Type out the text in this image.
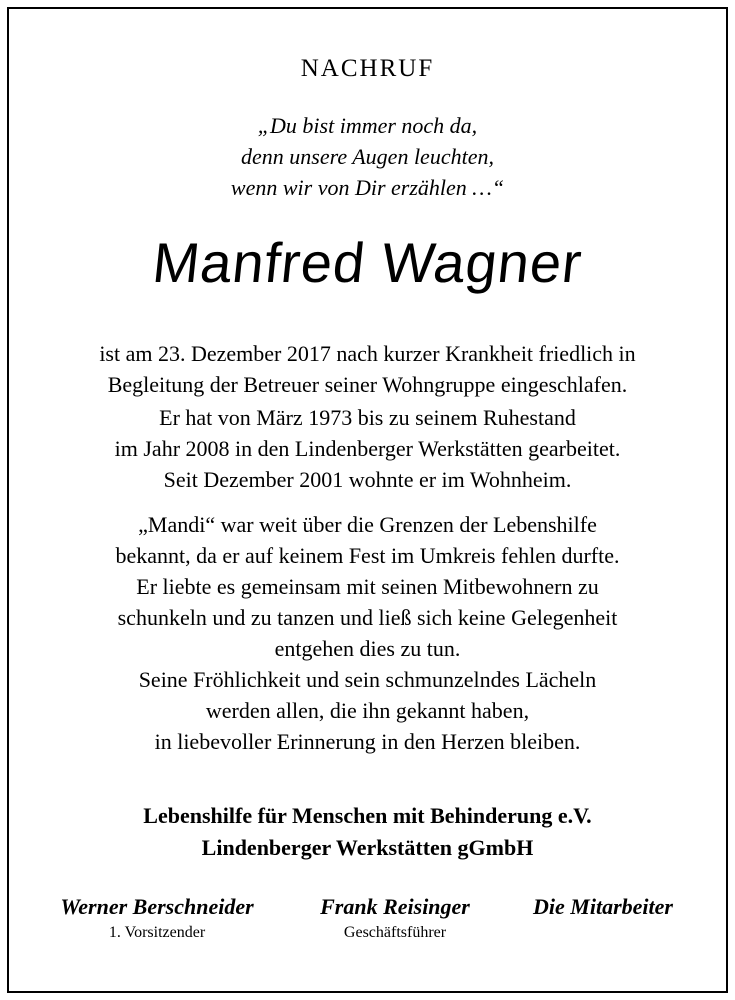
NACHRUF
„Du bist immer noch da,
denn unsere Augen leuchten,
wenn wir von Dir erzählen …“
Manfred Wagner
ist am 23. Dezember 2017 nach kurzer Krankheit friedlich in
Begleitung der Betreuer seiner Wohngruppe eingeschlafen.
Er hat von März 1973 bis zu seinem Ruhestand
im Jahr 2008 in den Lindenberger Werkstätten gearbeitet.
Seit Dezember 2001 wohnte er im Wohnheim.
„Mandi“ war weit über die Grenzen der Lebenshilfe
bekannt, da er auf keinem Fest im Umkreis fehlen durfte.
Er liebte es gemeinsam mit seinen Mitbewohnern zu
schunkeln und zu tanzen und ließ sich keine Gelegenheit
entgehen dies zu tun.
Seine Fröhlichkeit und sein schmunzelndes Lächeln
werden allen, die ihn gekannt haben,
in liebevoller Erinnerung in den Herzen bleiben.
Lebenshilfe für Menschen mit Behinderung e.V.
Lindenberger Werkstätten gGmbH
Werner Berschneider
1. Vorsitzender
Frank Reisinger
Geschäftsführer
Die Mitarbeiter
